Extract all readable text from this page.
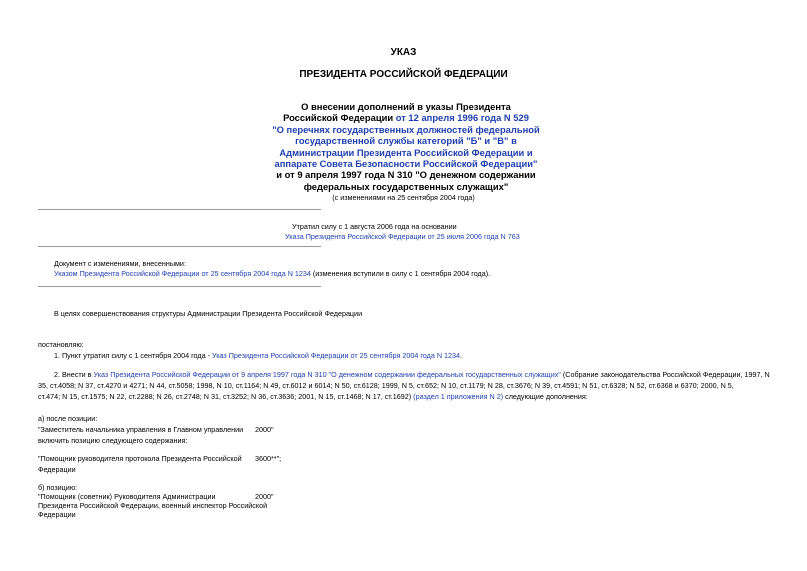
УКАЗ
ПРЕЗИДЕНТА РОССИЙСКОЙ ФЕДЕРАЦИИ
О внесении дополнений в указы Президента
Российской Федерации от 12 апреля 1996 года N 529
"О перечнях государственных должностей федеральной
государственной службы категорий "Б" и "В" в
Администрации Президента Российской Федерации и
аппарате Совета Безопасности Российской Федерации"
и от 9 апреля 1997 года N 310 "О денежном содержании
федеральных государственных служащих"
(с изменениями на 25 сентября 2004 года)
Утратил силу с 1 августа 2006 года на основании
Указа Президента Российской Федерации от 25 июля 2006 года N 763
Документ с изменениями, внесенными:
Указом Президента Российской Федерации от 25 сентября 2004 года N 1234 (изменения вступили в силу с 1 сентября 2004 года).
В целях совершенствования структуры Администрации Президента Российской Федерации
постановляю:
1. Пункт утратил силу с 1 сентября 2004 года - Указ Президента Российской Федерации от 25 сентября 2004 года N 1234.
2. Внести в Указ Президента Российской Федерации от 9 апреля 1997 года N 310 "О денежном содержании федеральных государственных служащих" (Собрание законодательства Российской Федерации, 1997, N
35, ст.4058; N 37, ст.4270 и 4271; N 44, ст.5058; 1998, N 10, ст.1164; N 49, ст.6012 и 6014; N 50, ст.6128; 1999, N 5, ст.652; N 10, ст.1179; N 28, ст.3676; N 39, ст.4591; N 51, ст.6328; N 52, ст.6368 и 6370; 2000, N 5,
ст.474; N 15, ст.1575; N 22, ст.2288; N 26, ст.2748; N 31, ст.3252; N 36, ст.3636; 2001, N 15, ст.1468; N 17, ст.1692) (раздел 1 приложения N 2) следующие дополнения:
а) после позиции:
"Заместитель начальника управления в Главном управлении	2000"
включить позицию следующего содержания:
"Помощник руководителя протокола Президента Российской	3600**";
Федерации
б) позицию:
"Помощник (советник) Руководителя Администрации	2000"
Президента Российской Федерации, военный инспектор Российской
Федерации
